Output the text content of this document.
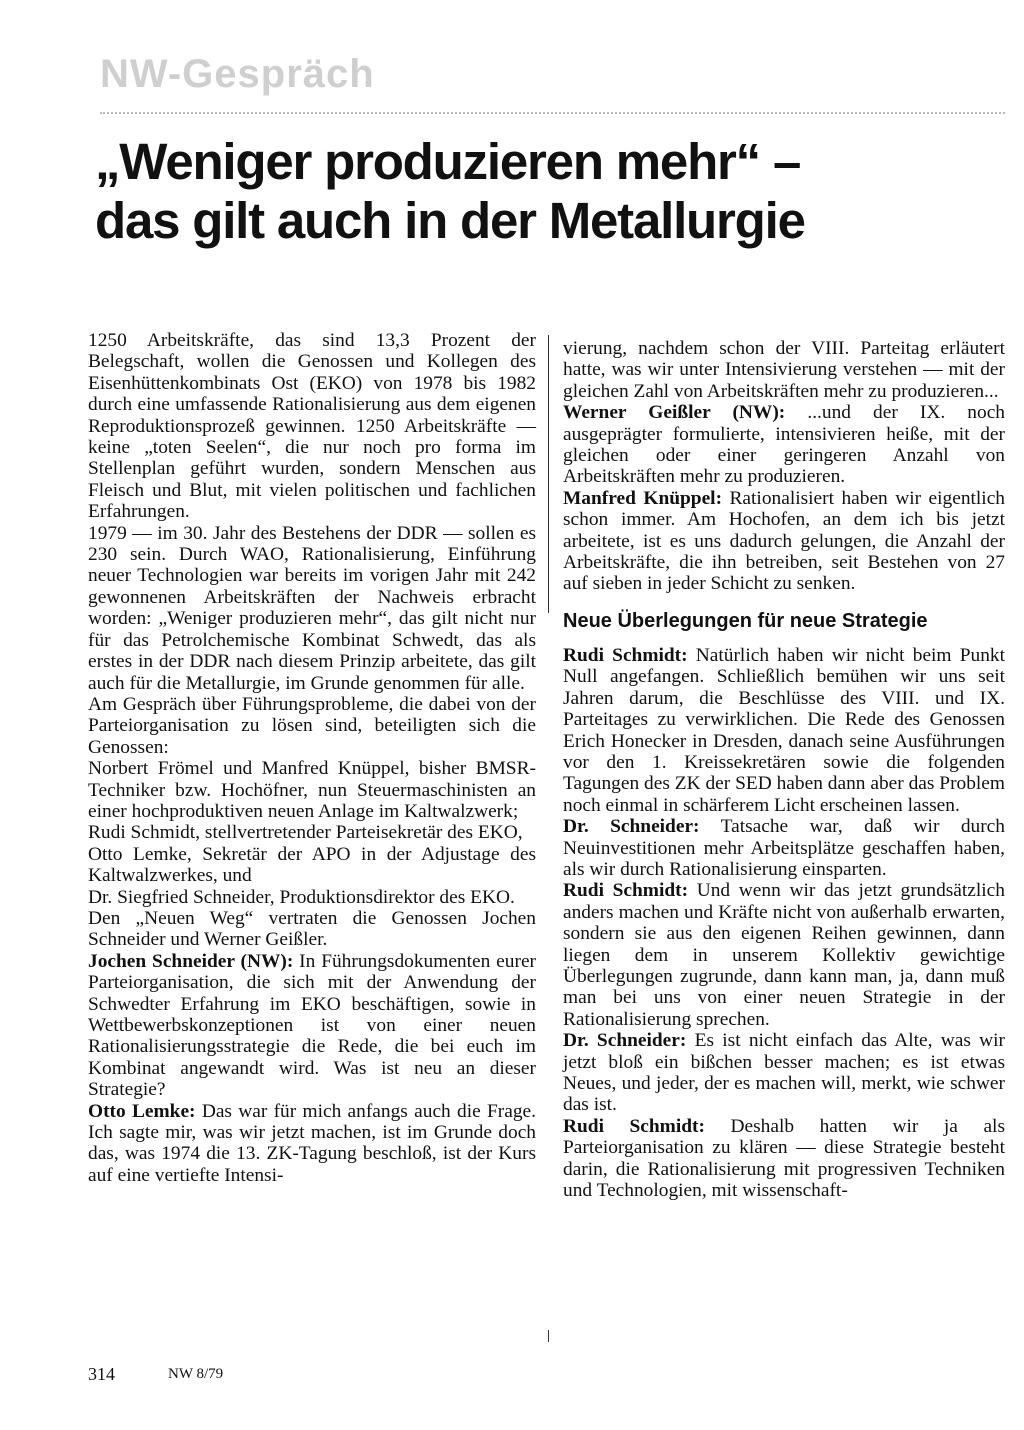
NW-Gespräch
„Weniger produzieren mehr“ –
das gilt auch in der Metallurgie

1250 Arbeitskräfte, das sind 13,3 Prozent der Belegschaft, wollen die Genossen und Kollegen des Eisenhüttenkombinats Ost (EKO) von 1978 bis 1982 durch eine umfassende Rationalisierung aus dem eigenen Reproduktionsprozeß gewinnen. 1250 Arbeitskräfte — keine „toten Seelen“, die nur noch pro forma im Stellenplan geführt wurden, sondern Menschen aus Fleisch und Blut, mit vielen politischen und fachlichen Erfahrungen.

1979 — im 30. Jahr des Bestehens der DDR — sollen es 230 sein. Durch WAO, Rationalisierung, Einführung neuer Technologien war bereits im vorigen Jahr mit 242 gewonnenen Arbeitskräften der Nachweis erbracht worden: „Weniger produzieren mehr“, das gilt nicht nur für das Petrolchemische Kombinat Schwedt, das als erstes in der DDR nach diesem Prinzip arbeitete, das gilt auch für die Metallurgie, im Grunde genommen für alle.

Am Gespräch über Führungsprobleme, die dabei von der Parteiorganisation zu lösen sind, beteiligten sich die Genossen:

Norbert Frömel und Manfred Knüppel, bisher BMSR-Techniker bzw. Hochöfner, nun Steuermaschinisten an einer hochproduktiven neuen Anlage im Kaltwalzwerk;

Rudi Schmidt, stellvertretender Parteisekretär des EKO,

Otto Lemke, Sekretär der APO in der Adjustage des Kaltwalzwerkes, und

Dr. Siegfried Schneider, Produktionsdirektor des EKO.

Den „Neuen Weg“ vertraten die Genossen Jochen Schneider und Werner Geißler.

Jochen Schneider (NW): In Führungsdokumenten eurer Parteiorganisation, die sich mit der Anwendung der Schwedter Erfahrung im EKO beschäftigen, sowie in Wettbewerbskonzeptionen ist von einer neuen Rationalisierungsstrategie die Rede, die bei euch im Kombinat angewandt wird. Was ist neu an dieser Strategie?

Otto Lemke: Das war für mich anfangs auch die Frage. Ich sagte mir, was wir jetzt machen, ist im Grunde doch das, was 1974 die 13. ZK-Tagung beschloß, ist der Kurs auf eine vertiefte Intensi-

vierung, nachdem schon der VIII. Parteitag erläutert hatte, was wir unter Intensivierung verstehen — mit der gleichen Zahl von Arbeitskräften mehr zu produzieren...

Werner Geißler (NW): ...und der IX. noch ausgeprägter formulierte, intensivieren heiße, mit der gleichen oder einer geringeren Anzahl von Arbeitskräften mehr zu produzieren.

Manfred Knüppel: Rationalisiert haben wir eigentlich schon immer. Am Hochofen, an dem ich bis jetzt arbeitete, ist es uns dadurch gelungen, die Anzahl der Arbeitskräfte, die ihn betreiben, seit Bestehen von 27 auf sieben in jeder Schicht zu senken.

Neue Überlegungen für neue Strategie

Rudi Schmidt: Natürlich haben wir nicht beim Punkt Null angefangen. Schließlich bemühen wir uns seit Jahren darum, die Beschlüsse des VIII. und IX. Parteitages zu verwirklichen. Die Rede des Genossen Erich Honecker in Dresden, danach seine Ausführungen vor den 1. Kreissekretären sowie die folgenden Tagungen des ZK der SED haben dann aber das Problem noch einmal in schärferem Licht erscheinen lassen.

Dr. Schneider: Tatsache war, daß wir durch Neuinvestitionen mehr Arbeitsplätze geschaffen haben, als wir durch Rationalisierung einsparten.

Rudi Schmidt: Und wenn wir das jetzt grundsätzlich anders machen und Kräfte nicht von außerhalb erwarten, sondern sie aus den eigenen Reihen gewinnen, dann liegen dem in unserem Kollektiv gewichtige Überlegungen zugrunde, dann kann man, ja, dann muß man bei uns von einer neuen Strategie in der Rationalisierung sprechen.

Dr. Schneider: Es ist nicht einfach das Alte, was wir jetzt bloß ein bißchen besser machen; es ist etwas Neues, und jeder, der es machen will, merkt, wie schwer das ist.

Rudi Schmidt: Deshalb hatten wir ja als Parteiorganisation zu klären — diese Strategie besteht darin, die Rationalisierung mit progressiven Techniken und Technologien, mit wissenschaft-

314	NW 8/79
